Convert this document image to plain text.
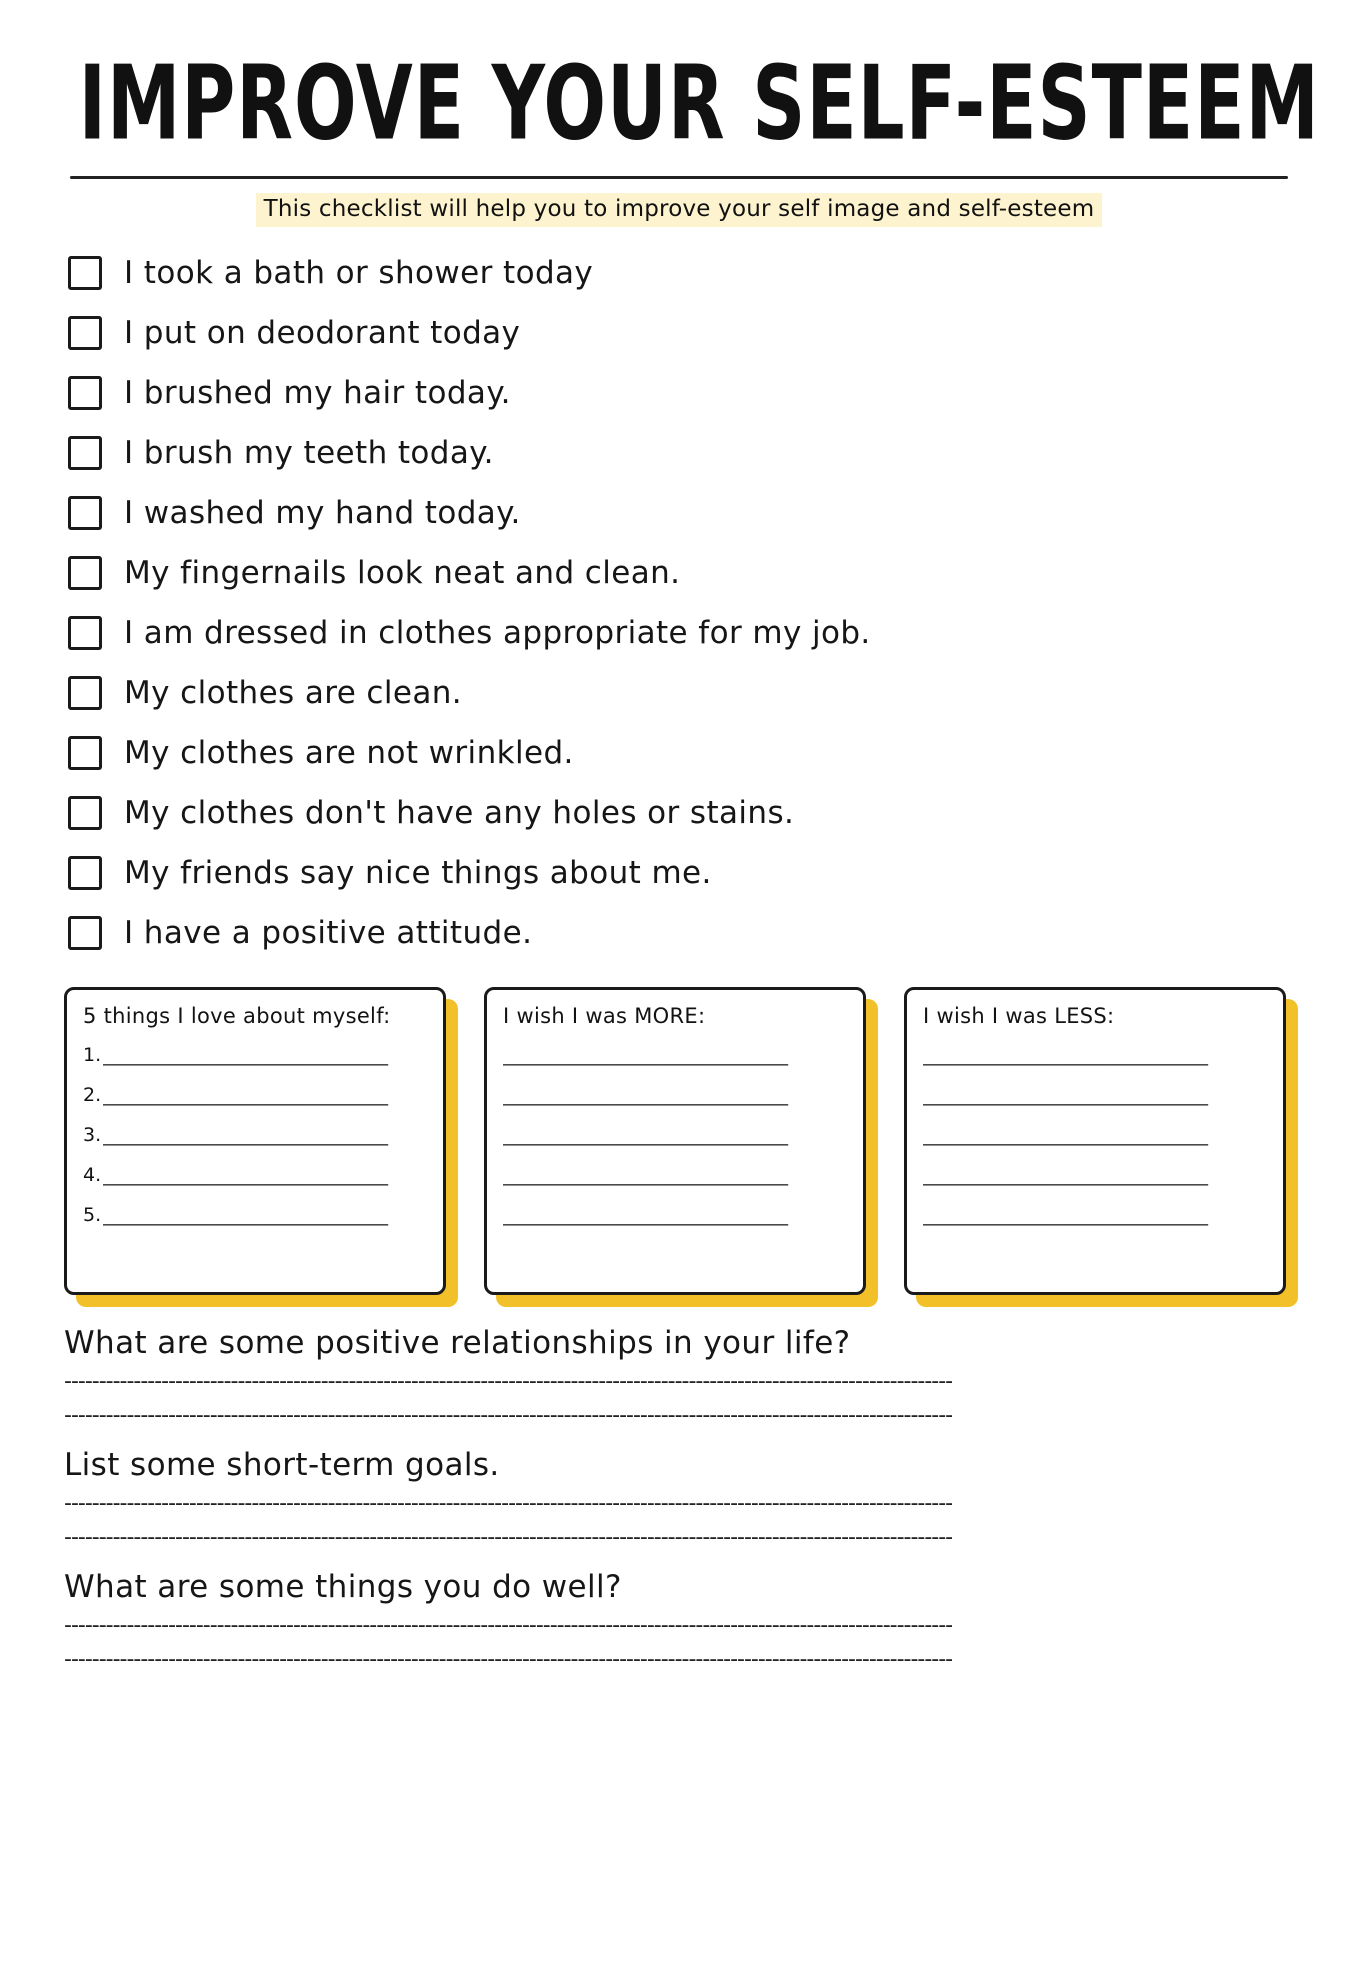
IMPROVE YOUR SELF-ESTEEM
This checklist will help you to improve your self image and self-esteem
I took a bath or shower today
I put on deodorant today
I brushed my hair today.
I brush my teeth today.
I washed my hand today.
My fingernails look neat and clean.
I am dressed in clothes appropriate for my job.
My clothes are clean.
My clothes are not wrinkled.
My clothes don't have any holes or stains.
My friends say nice things about me.
I have a positive attitude.
5 things I love about myself:
1. ______________________________
2. ______________________________
3. ______________________________
4. ______________________________
5. ______________________________
I wish I was MORE:
______________________________
______________________________
______________________________
______________________________
______________________________
I wish I was LESS:
______________________________
______________________________
______________________________
______________________________
______________________________
What are some positive relationships in your life?
--------------------------------------------------------------------------------------------------------------------------------
--------------------------------------------------------------------------------------------------------------------------------
List some short-term goals.
--------------------------------------------------------------------------------------------------------------------------------
--------------------------------------------------------------------------------------------------------------------------------
What are some things you do well?
--------------------------------------------------------------------------------------------------------------------------------
--------------------------------------------------------------------------------------------------------------------------------
